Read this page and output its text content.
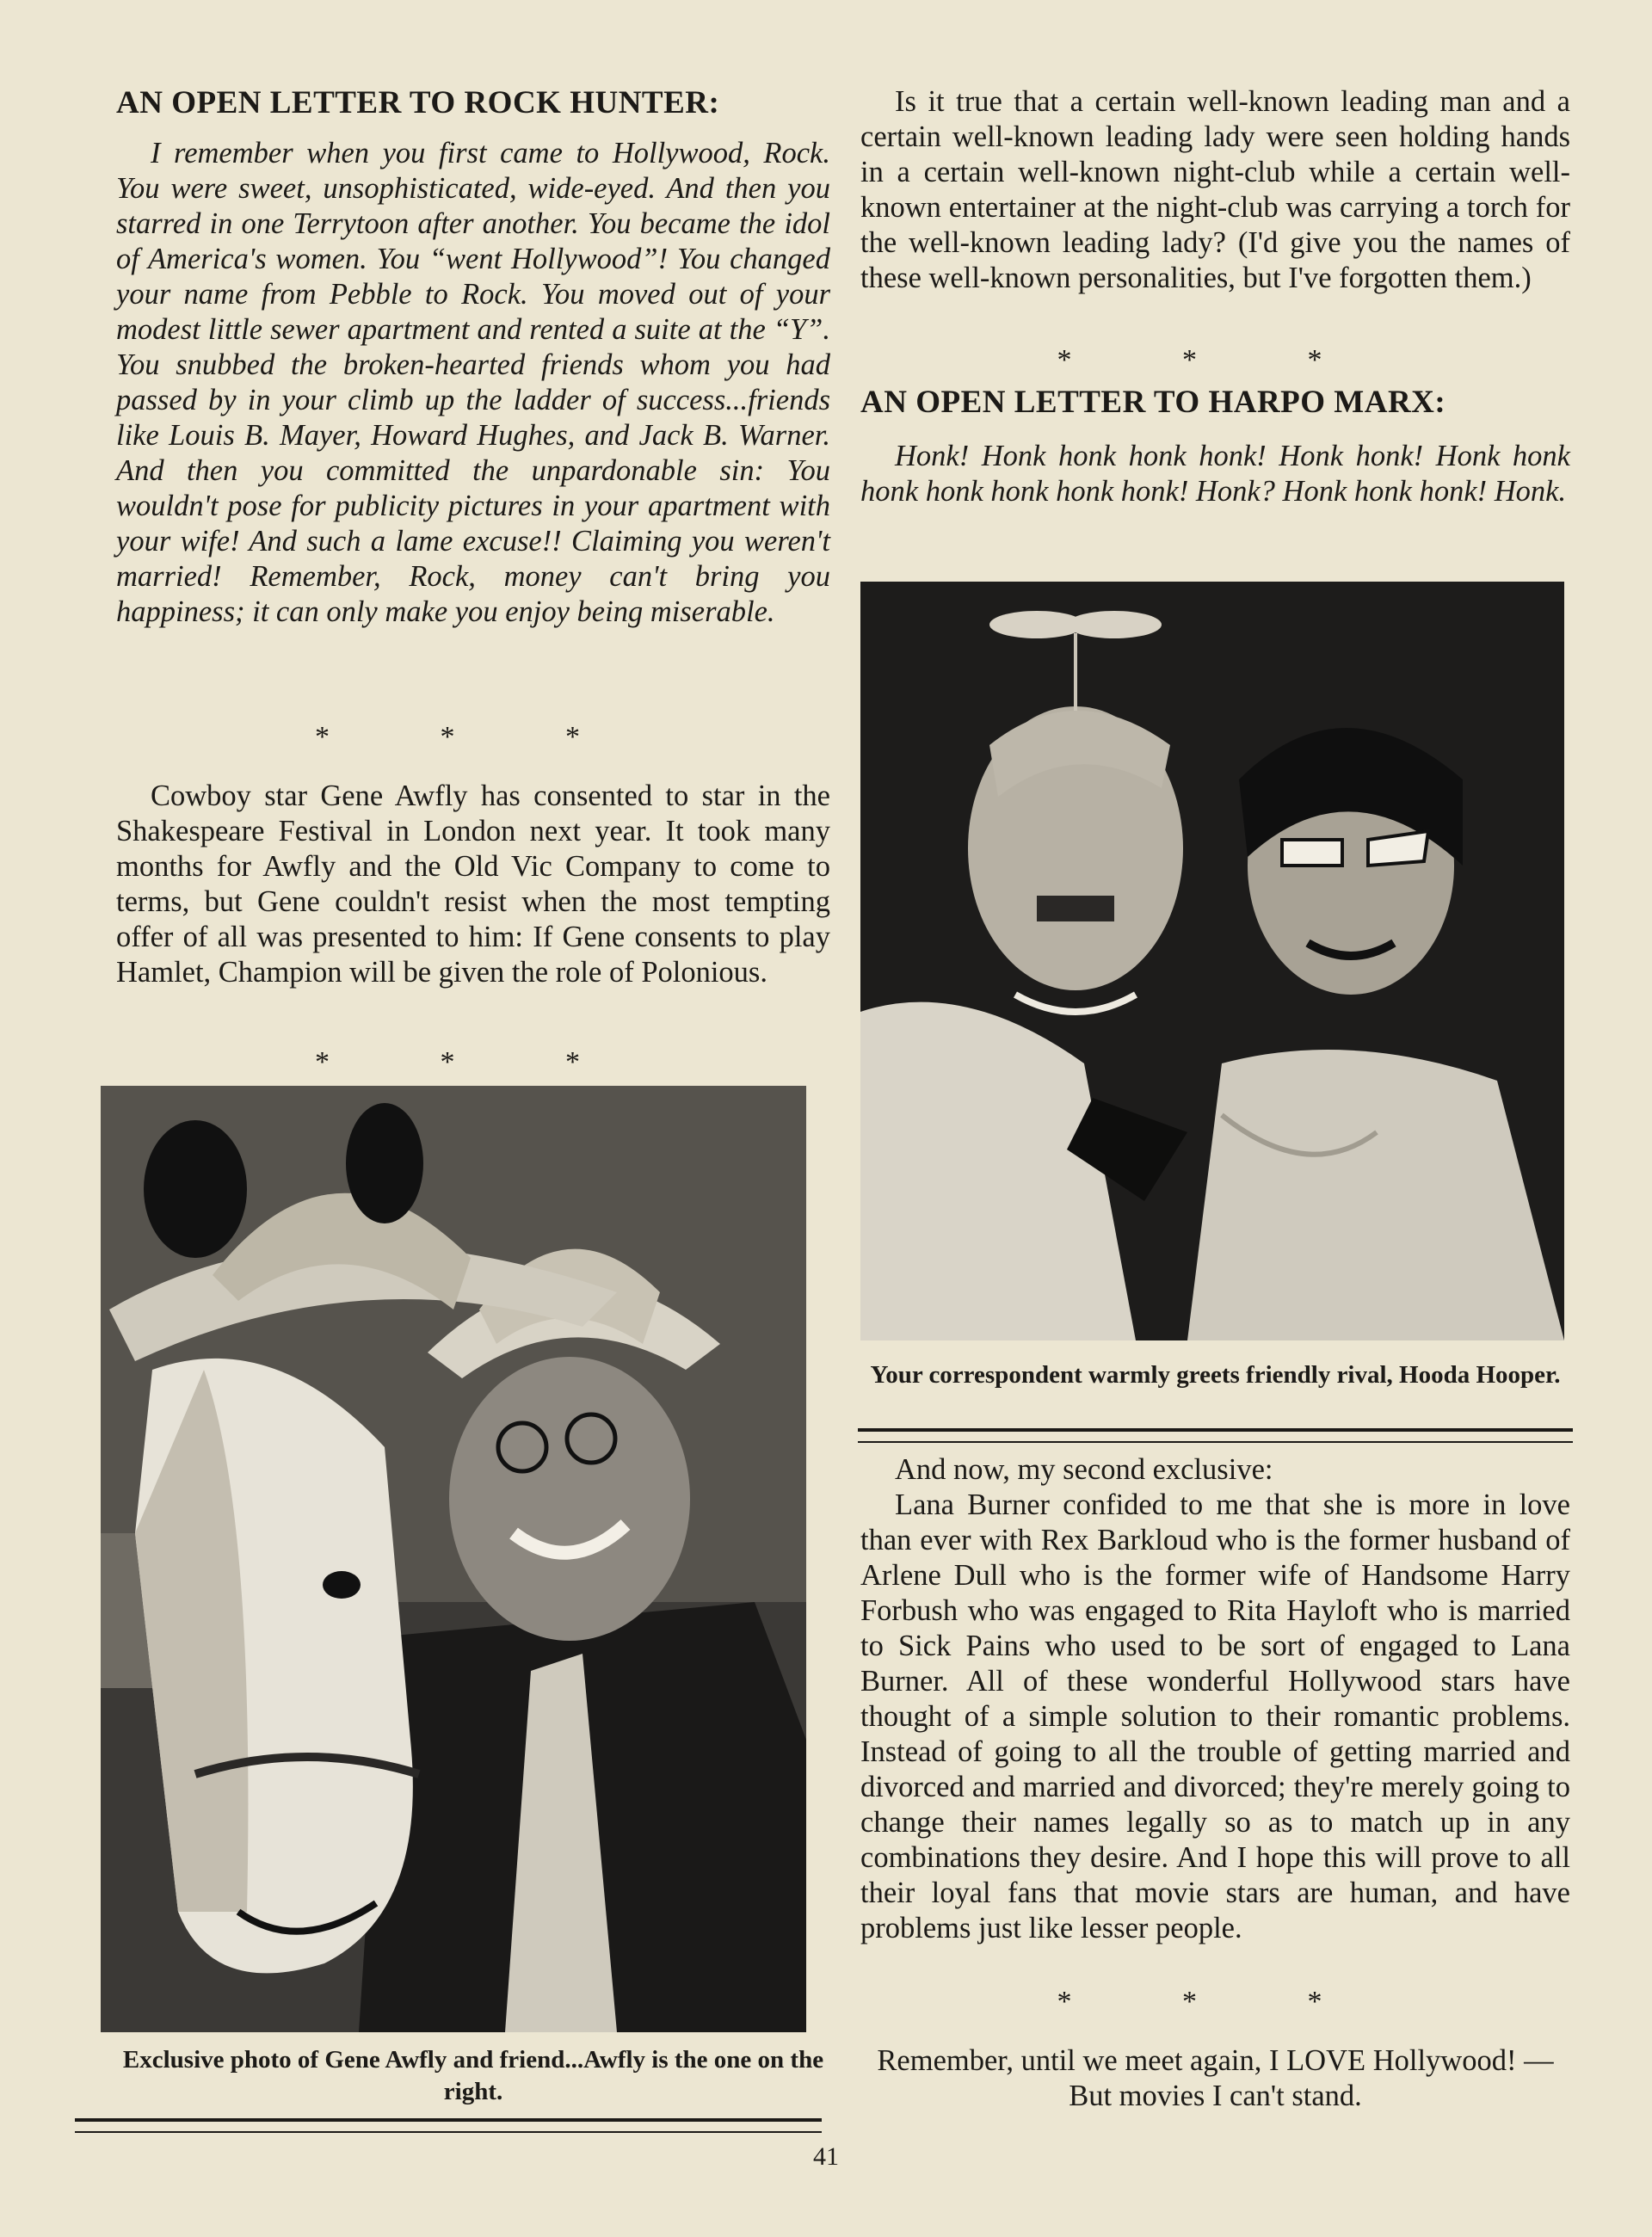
AN OPEN LETTER TO ROCK HUNTER:

I remember when you first came to Hollywood, Rock. You were sweet, unsophisticated, wide-eyed. And then you starred in one Terrytoon after another. You became the idol of America's women. You “went Hollywood”! You changed your name from Pebble to Rock. You moved out of your modest little sewer apartment and rented a suite at the “Y”. You snubbed the broken-hearted friends whom you had passed by in your climb up the ladder of success...friends like Louis B. Mayer, Howard Hughes, and Jack B. Warner. And then you committed the unpardonable sin: You wouldn't pose for publicity pictures in your apartment with your wife! And such a lame excuse!! Claiming you weren't married! Remember, Rock, money can't bring you happiness; it can only make you enjoy being miserable.

* * *

Cowboy star Gene Awfly has consented to star in the Shakespeare Festival in London next year. It took many months for Awfly and the Old Vic Company to come to terms, but Gene couldn't resist when the most tempting offer of all was presented to him: If Gene consents to play Hamlet, Champion will be given the role of Polonious.

* * *
Exclusive photo of Gene Awfly and friend...Awfly is the one on the right.

Is it true that a certain well-known leading man and a certain well-known leading lady were seen holding hands in a certain well-known night-club while a certain well-known entertainer at the night-club was carrying a torch for the well-known leading lady? (I'd give you the names of these well-known personalities, but I've forgotten them.)

* * *
AN OPEN LETTER TO HARPO MARX:

Honk! Honk honk honk honk! Honk honk! Honk honk honk honk honk honk honk! Honk? Honk honk honk! Honk.

Your correspondent warmly greets friendly rival, Hooda Hooper.

And now, my second exclusive:

Lana Burner confided to me that she is more in love than ever with Rex Barkloud who is the former husband of Arlene Dull who is the former wife of Handsome Harry Forbush who was engaged to Rita Hayloft who is married to Sick Pains who used to be sort of engaged to Lana Burner. All of these wonderful Hollywood stars have thought of a simple solution to their romantic problems. Instead of going to all the trouble of getting married and divorced and married and divorced; they're merely going to change their names legally so as to match up in any combinations they desire. And I hope this will prove to all their loyal fans that movie stars are human, and have problems just like lesser people.

* * *

Remember, until we meet again, I LOVE Hollywood! —But movies I can't stand.

41
